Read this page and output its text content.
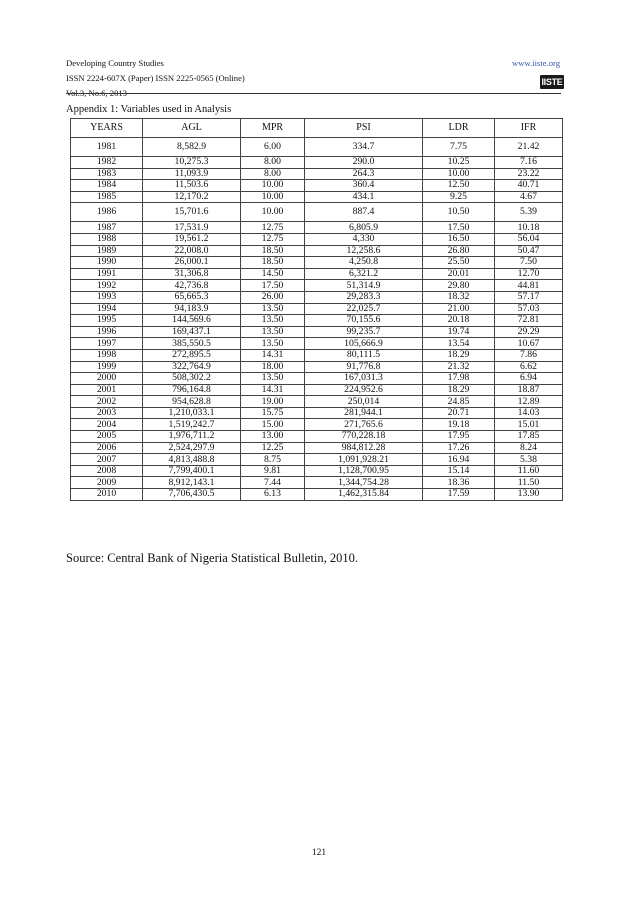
Developing Country Studies
ISSN 2224-607X (Paper) ISSN 2225-0565 (Online)
Vol.3, No.6, 2013
www.iiste.org
IISTE
Appendix 1: Variables used in Analysis
YEARS	AGL	MPR	PSI	LDR	IFR
1981	8,582.9	6.00	334.7	7.75	21.42
1982	10,275.3	8.00	290.0	10.25	7.16
1983	11,093.9	8.00	264.3	10.00	23.22
1984	11,503.6	10.00	360.4	12.50	40.71
1985	12,170.2	10.00	434.1	9.25	4.67
1986	15,701.6	10.00	887.4	10.50	5.39
1987	17,531.9	12.75	6,805.9	17.50	10.18
1988	19,561.2	12.75	4,330	16.50	56.04
1989	22,008.0	18.50	12,258.6	26.80	50.47
1990	26,000.1	18.50	4,250.8	25.50	7.50
1991	31,306.8	14.50	6,321.2	20.01	12.70
1992	42,736.8	17.50	51,314.9	29.80	44.81
1993	65,665.3	26.00	29,283.3	18.32	57.17
1994	94,183.9	13.50	22,025.7	21.00	57.03
1995	144,569.6	13.50	70,155.6	20.18	72.81
1996	169,437.1	13.50	99,235.7	19.74	29.29
1997	385,550.5	13.50	105,666.9	13.54	10.67
1998	272,895.5	14.31	80,111.5	18.29	7.86
1999	322,764.9	18.00	91,776.8	21.32	6.62
2000	508,302.2	13.50	167,031.3	17.98	6.94
2001	796,164.8	14.31	224,952.6	18.29	18.87
2002	954,628.8	19.00	250,014	24.85	12.89
2003	1,210,033.1	15.75	281,944.1	20.71	14.03
2004	1,519,242.7	15.00	271,765.6	19.18	15.01
2005	1,976,711.2	13.00	770,228.18	17.95	17.85
2006	2,524,297.9	12.25	984,812.28	17.26	8.24
2007	4,813,488.8	8.75	1,091,928.21	16.94	5.38
2008	7,799,400.1	9.81	1,128,700.95	15.14	11.60
2009	8,912,143.1	7.44	1,344,754.28	18.36	11.50
2010	7,706,430.5	6.13	1,462,315.84	17.59	13.90
Source: Central Bank of Nigeria Statistical Bulletin, 2010.
121
